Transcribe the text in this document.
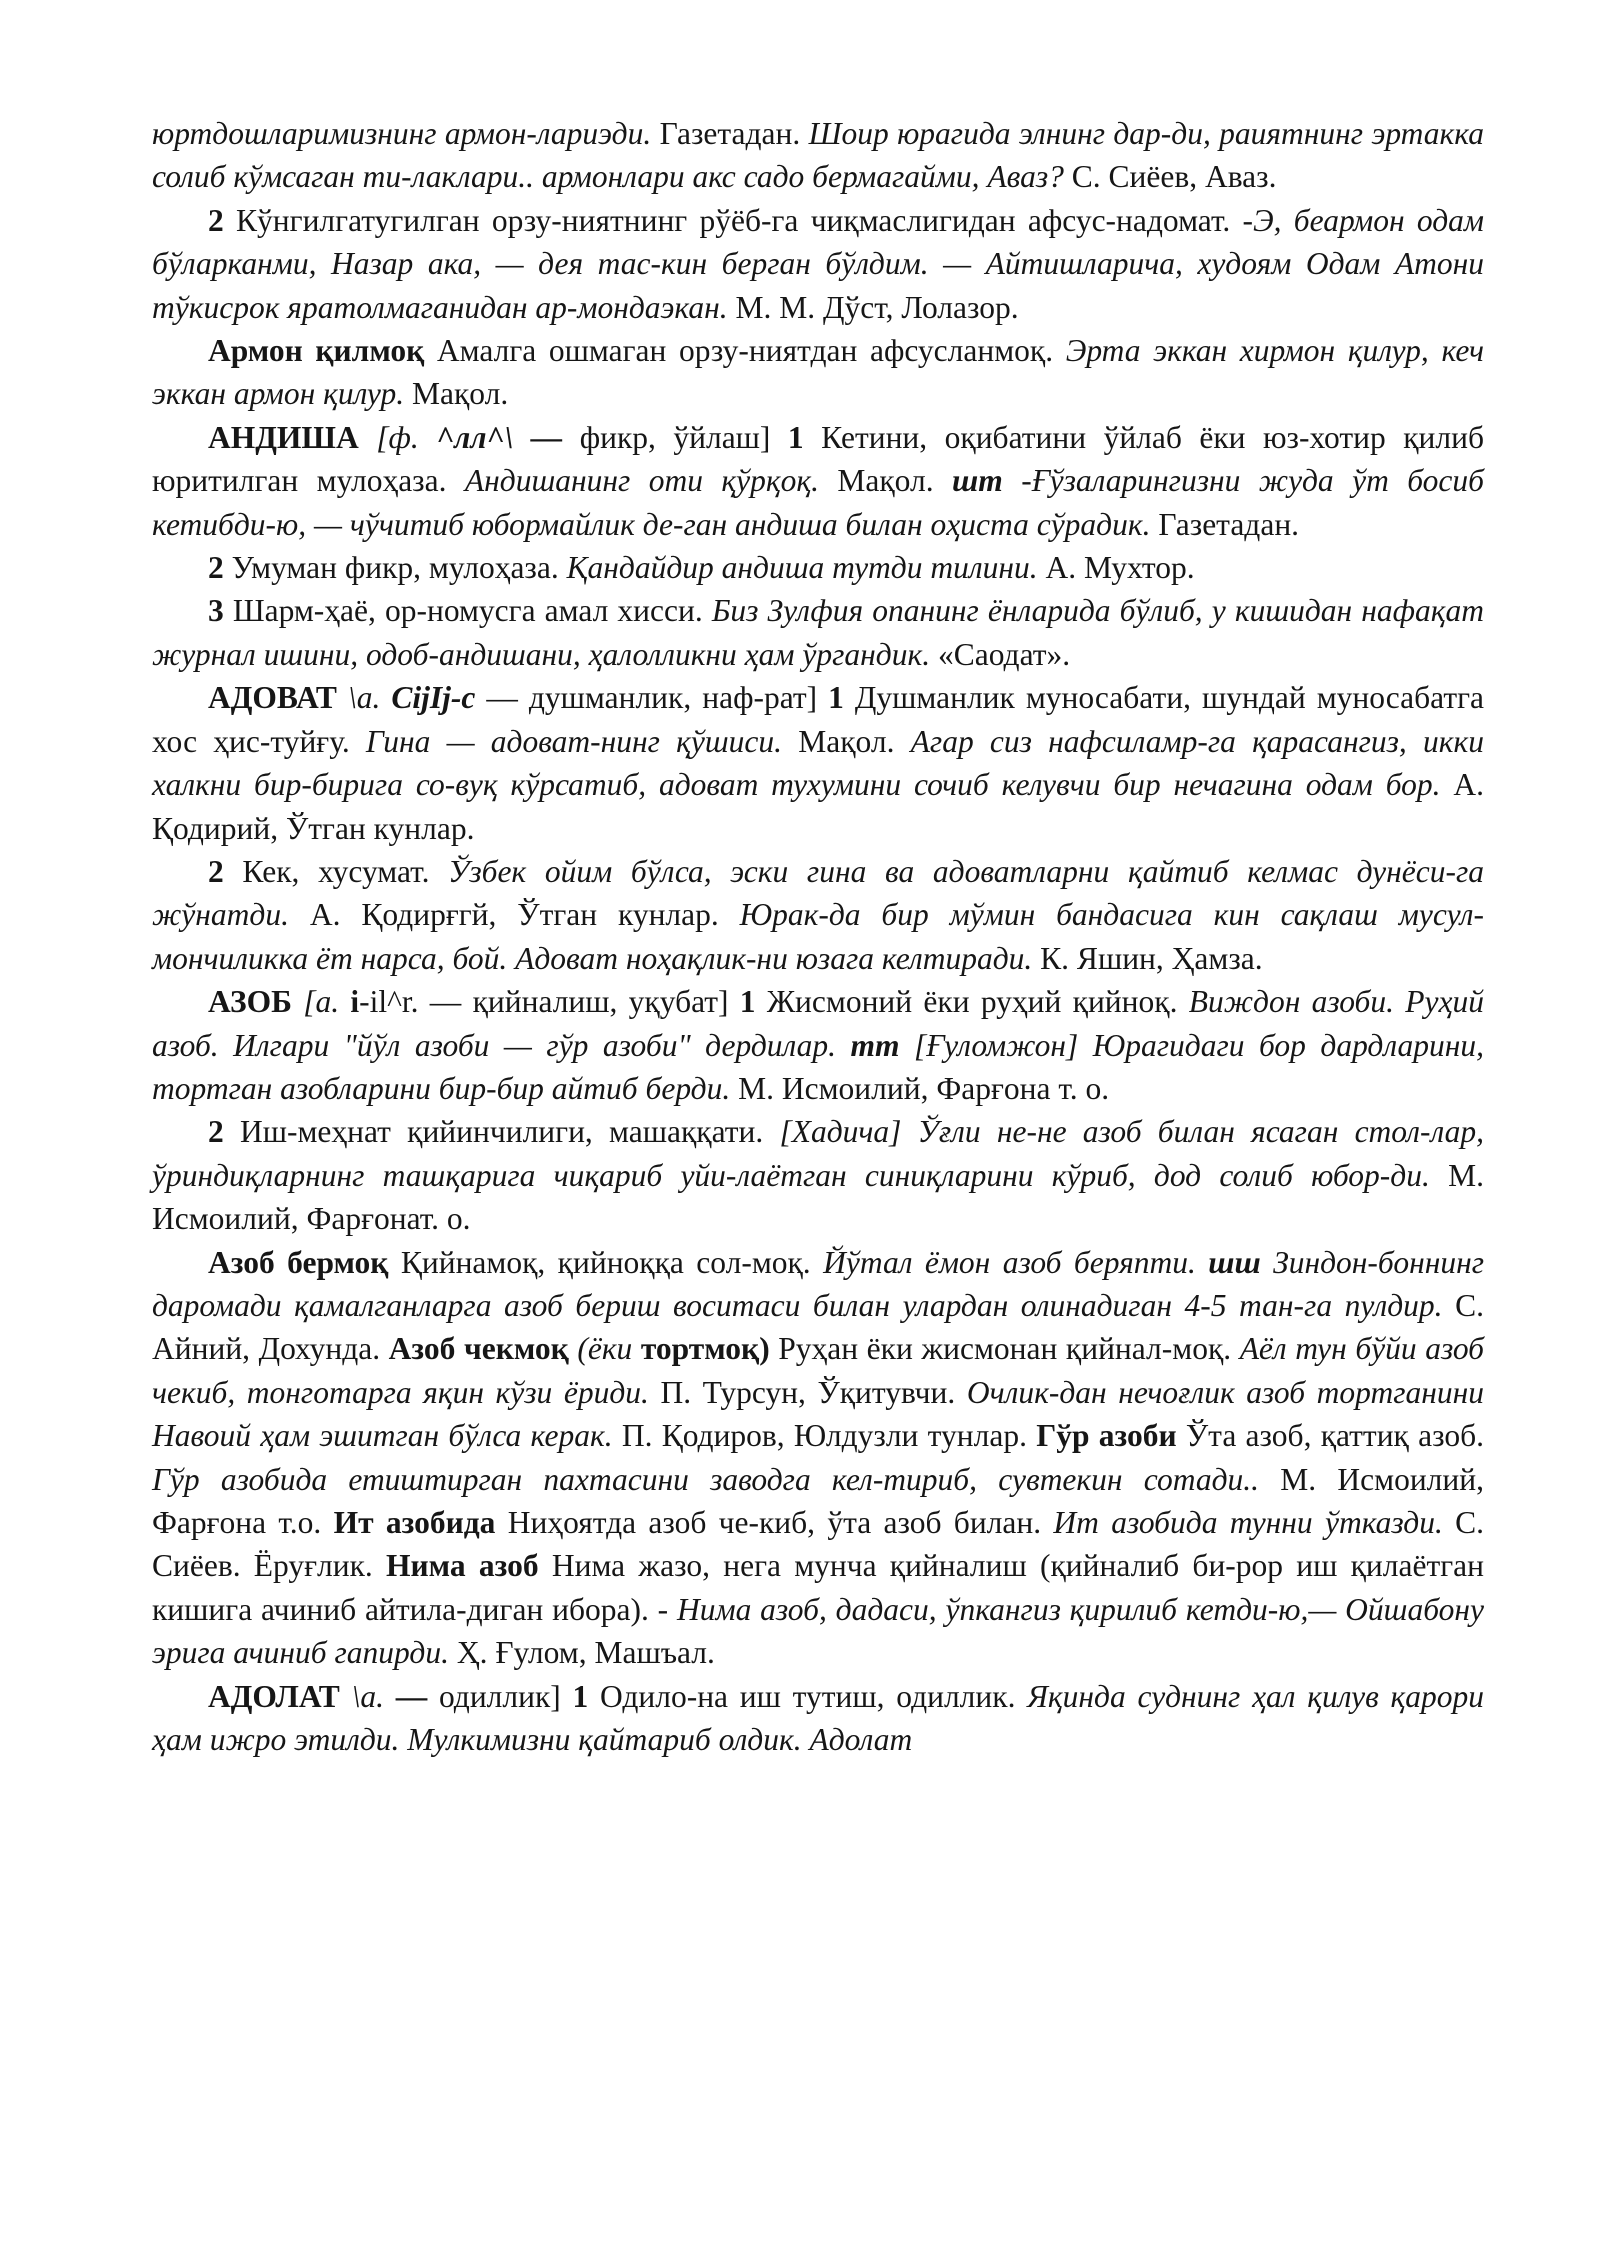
юртдошларимизнинг армон-лариэди. Газетадан. Шоир юрагида элнинг дар-ди, раиятнинг эртакка солиб кўмсаган ти-лаклари.. армонлари акс садо бермагайми, Аваз? С. Сиёев, Аваз.

2 Кўнгилгатугилган орзу-ниятнинг рўёб-га чиқмаслигидан афсус-надомат. -Э, беармон одам бўларканми, Назар ака, — дея тас-кин берган бўлдим. — Айтишларича, худоям Одам Атони тўкисрок яратолмаганидан ар-мондаэкан. М. М. Дўст, Лолазор.

Армон қилмоқ Амалга ошмаган орзу-ниятдан афсусланмоқ. Эрта эккан хирмон қилур, кеч эккан армон қилур. Мақол.

АНДИША [ф. ^лл^\ — фикр, ўйлаш] 1 Кетини, оқибатини ўйлаб ёки юз-хотир қилиб юритилган мулоҳаза. Андишанинг оти қўрқоқ. Мақол. шт -Ғўзаларингизни жуда ўт босиб кетибди-ю, — чўчитиб юбормайлик де-ган андиша билан оҳиста сўрадик. Газетадан.

2 Умуман фикр, мулоҳаза. Қандайдир андиша тутди тилини. А. Мухтор.

3 Шарм-ҳаё, ор-номусга амал хисси. Биз Зулфия опанинг ёнларида бўлиб, у кишидан нафақат журнал ишини, одоб-андишани, ҳалолликни ҳам ўргандик. «Саодат».

АДОВАТ \а. CijIj-c — душманлик, наф-рат] 1 Душманлик муносабати, шундай муносабатга хос ҳис-туйғу. Гина — адоват-нинг қўшиси. Мақол. Агар сиз нафсиламр-га қарасангиз, икки халкни бир-бирига со-вуқ кўрсатиб, адоват тухумини сочиб келувчи бир нечагина одам бор. А. Қодирий, Ўтган кунлар.

2 Кек, хусумат. Ўзбек ойим бўлса, эски гина ва адоватларни қайтиб келмас дунёси-га жўнатди. А. Қодирғгй, Ўтган кунлар. Юрак-да бир мўмин бандасига кин сақлаш мусул-мончиликка ёт нарса, бой. Адоват ноҳақлик-ни юзага келтиради. К. Яшин, Ҳамза.

АЗОБ [а. і-il^r. — қийналиш, уқубат] 1 Жисмоний ёки руҳий қийноқ. Виждон азоби. Руҳий азоб. Илгари "йўл азоби — гўр азоби" дердилар. тт [Ғуломжон] Юрагидаги бор дардларини, тортган азобларини бир-бир айтиб берди. М. Исмоилий, Фарғона т. о.

2 Иш-меҳнат қийинчилиги, машаққати. [Хадича] Ўғли не-не азоб билан ясаган стол-лар, ўриндиқларнинг ташқарига чиқариб уйи-лаётган синиқларини кўриб, дод солиб юбор-ди. М. Исмоилий, Фарғонат. о.

Азоб бермоқ Қийнамоқ, қийноққа сол-моқ. Йўтал ёмон азоб беряпти. шш Зиндон-боннинг даромади қамалганларга азоб бериш воситаси билан улардан олинадиган 4-5 тан-га пулдир. С. Айний, Дохунда. Азоб чекмоқ (ёки тортмоқ) Руҳан ёки жисмонан қийнал-моқ. Аёл тун бўйи азоб чекиб, тонготарга яқин кўзи ёриди. П. Турсун, Ўқитувчи. Очлик-дан нечоғлик азоб тортганини Навоий ҳам эшитган бўлса керак. П. Қодиров, Юлдузли тунлар. Гўр азоби Ўта азоб, қаттиқ азоб. Гўр азобида етиштирган пахтасини заводга кел-тириб, сувтекин сотади.. М. Исмоилий, Фарғона т.о. Ит азобида Ниҳоятда азоб че-киб, ўта азоб билан. Ит азобида тунни ўтказди. С. Сиёев. Ёруғлик. Нима азоб Нима жазо, нега мунча қийналиш (қийналиб би-рор иш қилаётган кишига ачиниб айтила-диган ибора). - Нима азоб, дадаси, ўпкангиз қирилиб кетди-ю,— Ойшабону эрига ачиниб гапирди. Ҳ. Ғулом, Машъал.

АДОЛАТ \а. — одиллик] 1 Одило-на иш тутиш, одиллик. Яқинда суднинг ҳал қилув қарори ҳам ижро этилди. Мулкимизни қайтариб олдик. Адолат
